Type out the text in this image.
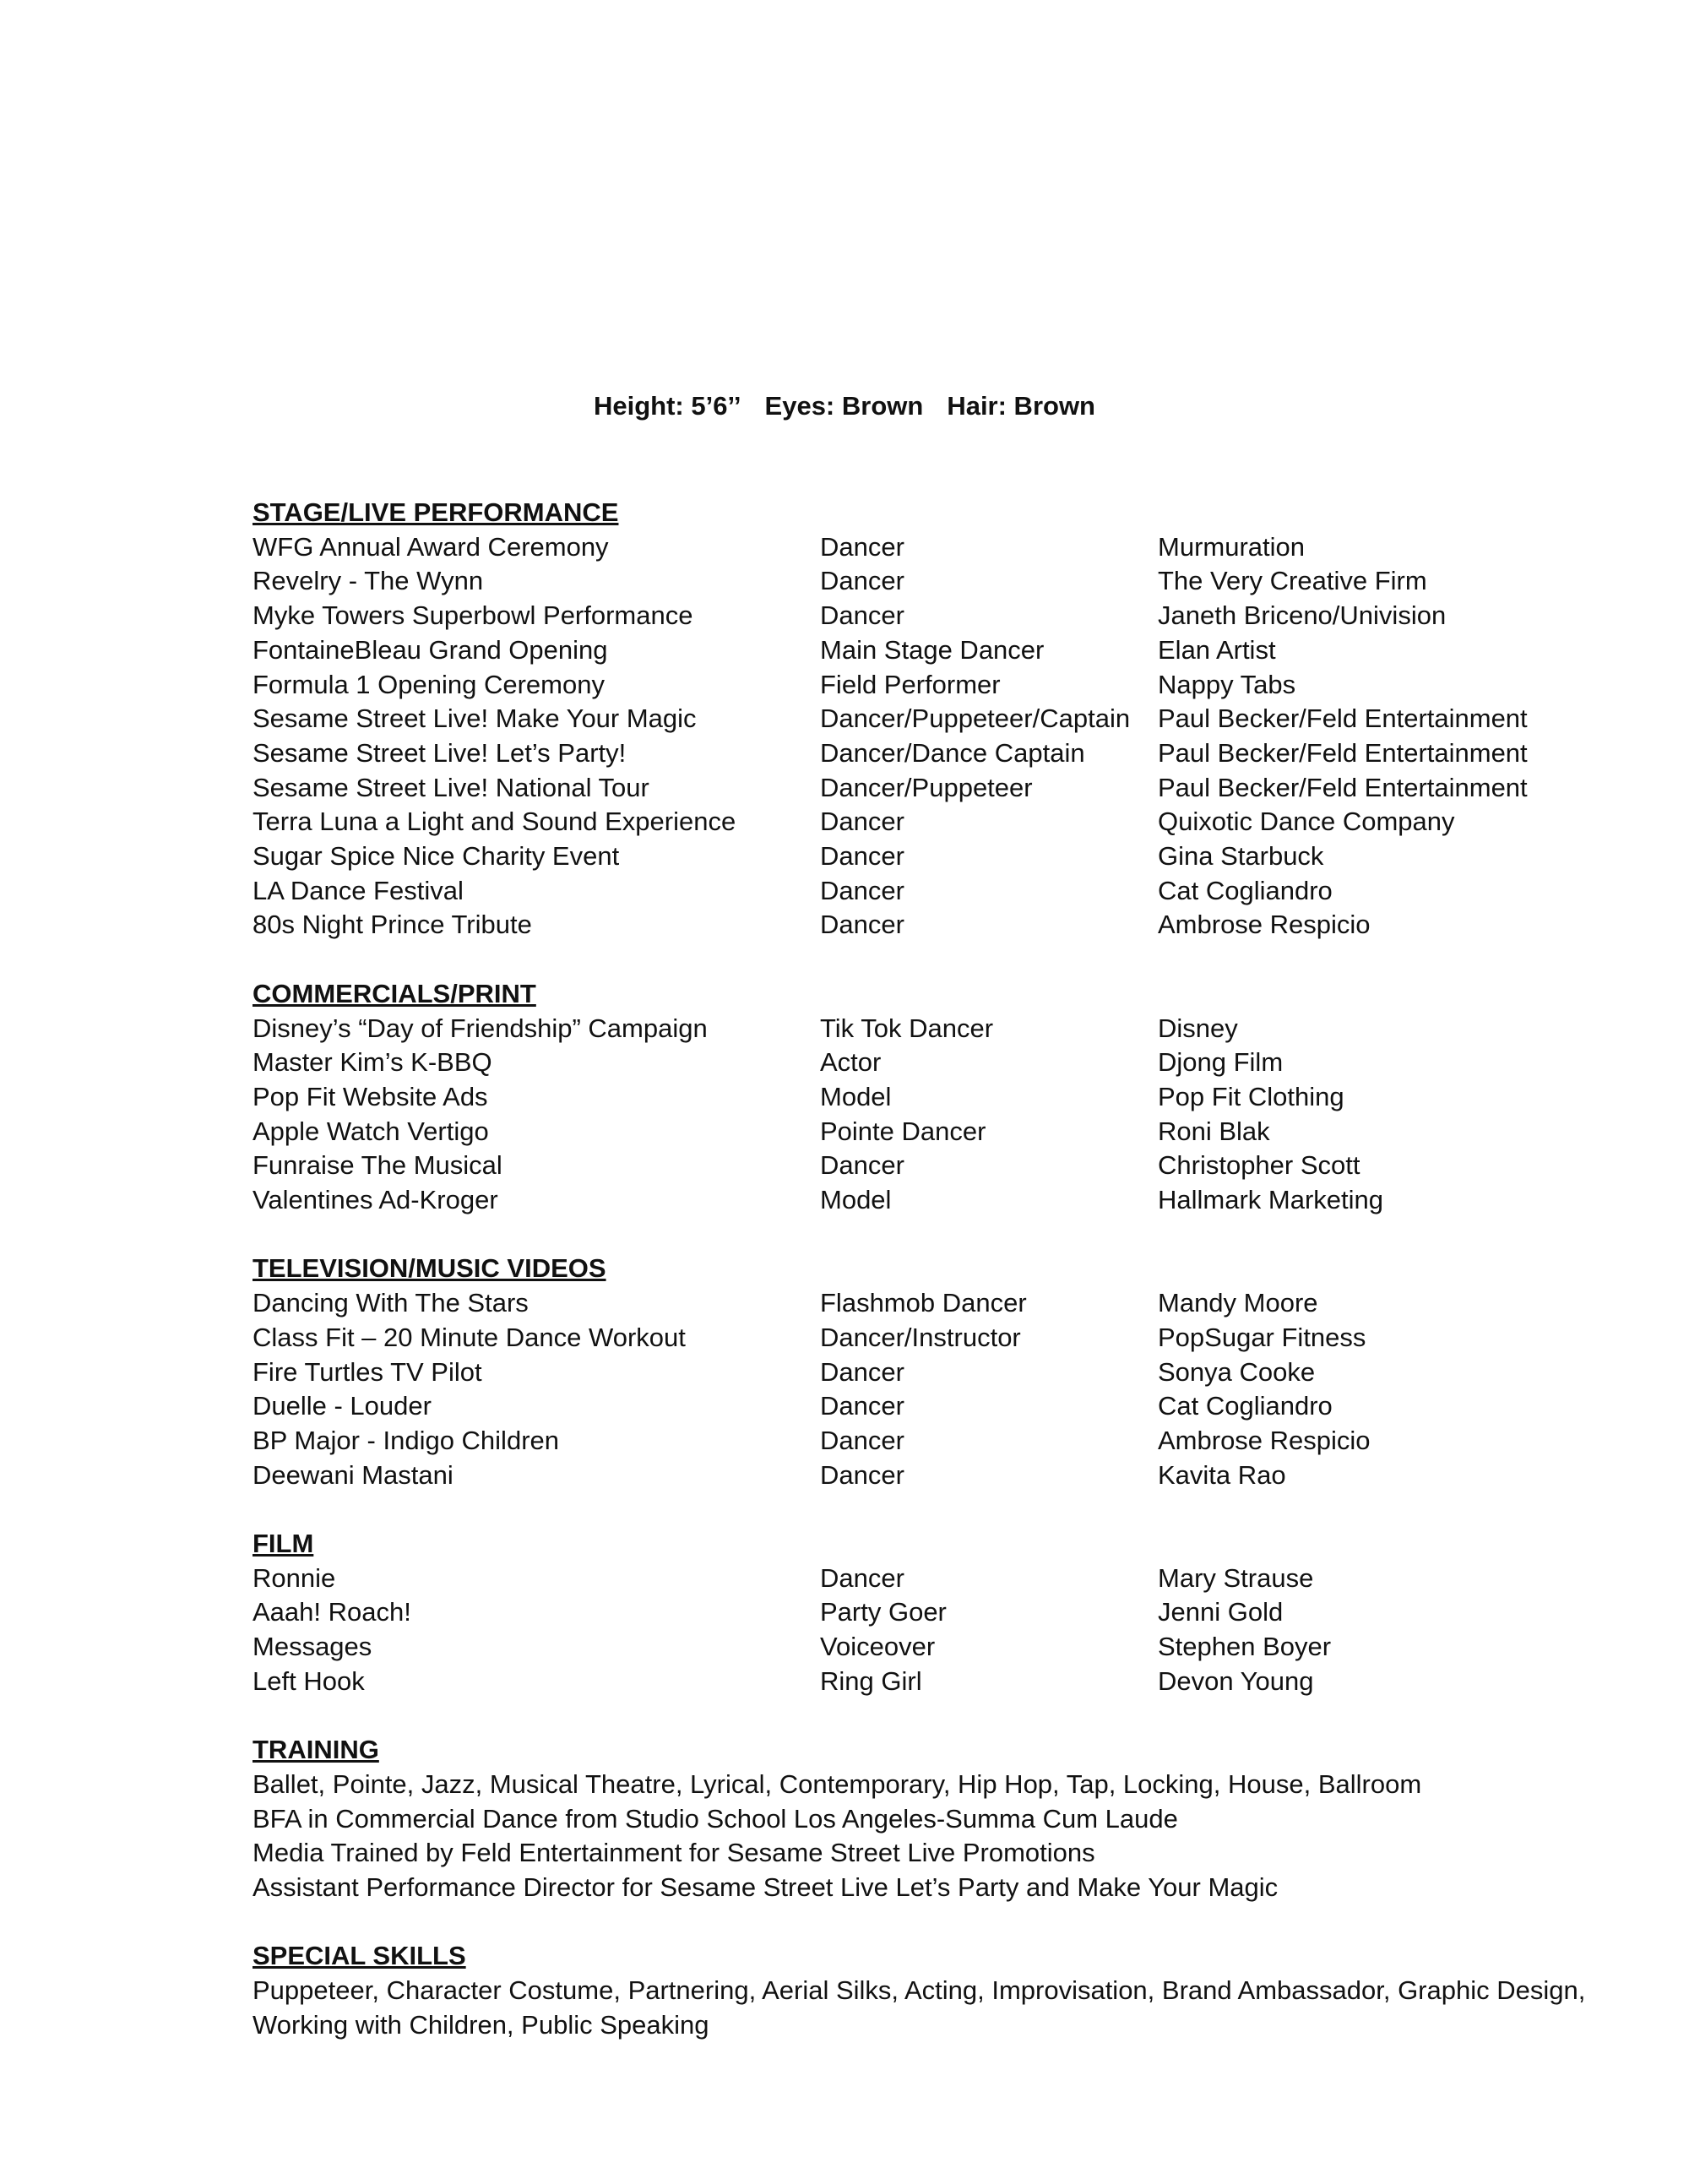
Height: 5’6’’ Eyes: Brown Hair: Brown
STAGE/LIVE PERFORMANCE
WFG Annual Award Ceremony	Dancer	Murmuration
Revelry - The Wynn	Dancer	The Very Creative Firm
Myke Towers Superbowl Performance	Dancer	Janeth Briceno/Univision
FontaineBleau Grand Opening	Main Stage Dancer	Elan Artist
Formula 1 Opening Ceremony	Field Performer	Nappy Tabs
Sesame Street Live! Make Your Magic	Dancer/Puppeteer/Captain	Paul Becker/Feld Entertainment
Sesame Street Live! Let’s Party!	Dancer/Dance Captain	Paul Becker/Feld Entertainment
Sesame Street Live! National Tour	Dancer/Puppeteer	Paul Becker/Feld Entertainment
Terra Luna a Light and Sound Experience	Dancer	Quixotic Dance Company
Sugar Spice Nice Charity Event	Dancer	Gina Starbuck
LA Dance Festival	Dancer	Cat Cogliandro
80s Night Prince Tribute	Dancer	Ambrose Respicio
COMMERCIALS/PRINT
Disney’s “Day of Friendship” Campaign	Tik Tok Dancer	Disney
Master Kim’s K-BBQ	Actor	Djong Film
Pop Fit Website Ads	Model	Pop Fit Clothing
Apple Watch Vertigo	Pointe Dancer	Roni Blak
Funraise The Musical	Dancer	Christopher Scott
Valentines Ad-Kroger	Model	Hallmark Marketing
TELEVISION/MUSIC VIDEOS
Dancing With The Stars	Flashmob Dancer	Mandy Moore
Class Fit – 20 Minute Dance Workout	Dancer/Instructor	PopSugar Fitness
Fire Turtles TV Pilot	Dancer	Sonya Cooke
Duelle - Louder	Dancer	Cat Cogliandro
BP Major - Indigo Children	Dancer	Ambrose Respicio
Deewani Mastani	Dancer	Kavita Rao
FILM
Ronnie	Dancer	Mary Strause
Aaah! Roach!	Party Goer	Jenni Gold
Messages	Voiceover	Stephen Boyer
Left Hook	Ring Girl	Devon Young
TRAINING
Ballet, Pointe, Jazz, Musical Theatre, Lyrical, Contemporary, Hip Hop, Tap, Locking, House, Ballroom
BFA in Commercial Dance from Studio School Los Angeles-Summa Cum Laude
Media Trained by Feld Entertainment for Sesame Street Live Promotions
Assistant Performance Director for Sesame Street Live Let’s Party and Make Your Magic
SPECIAL SKILLS
Puppeteer, Character Costume, Partnering, Aerial Silks, Acting, Improvisation, Brand Ambassador, Graphic Design,
Working with Children, Public Speaking
